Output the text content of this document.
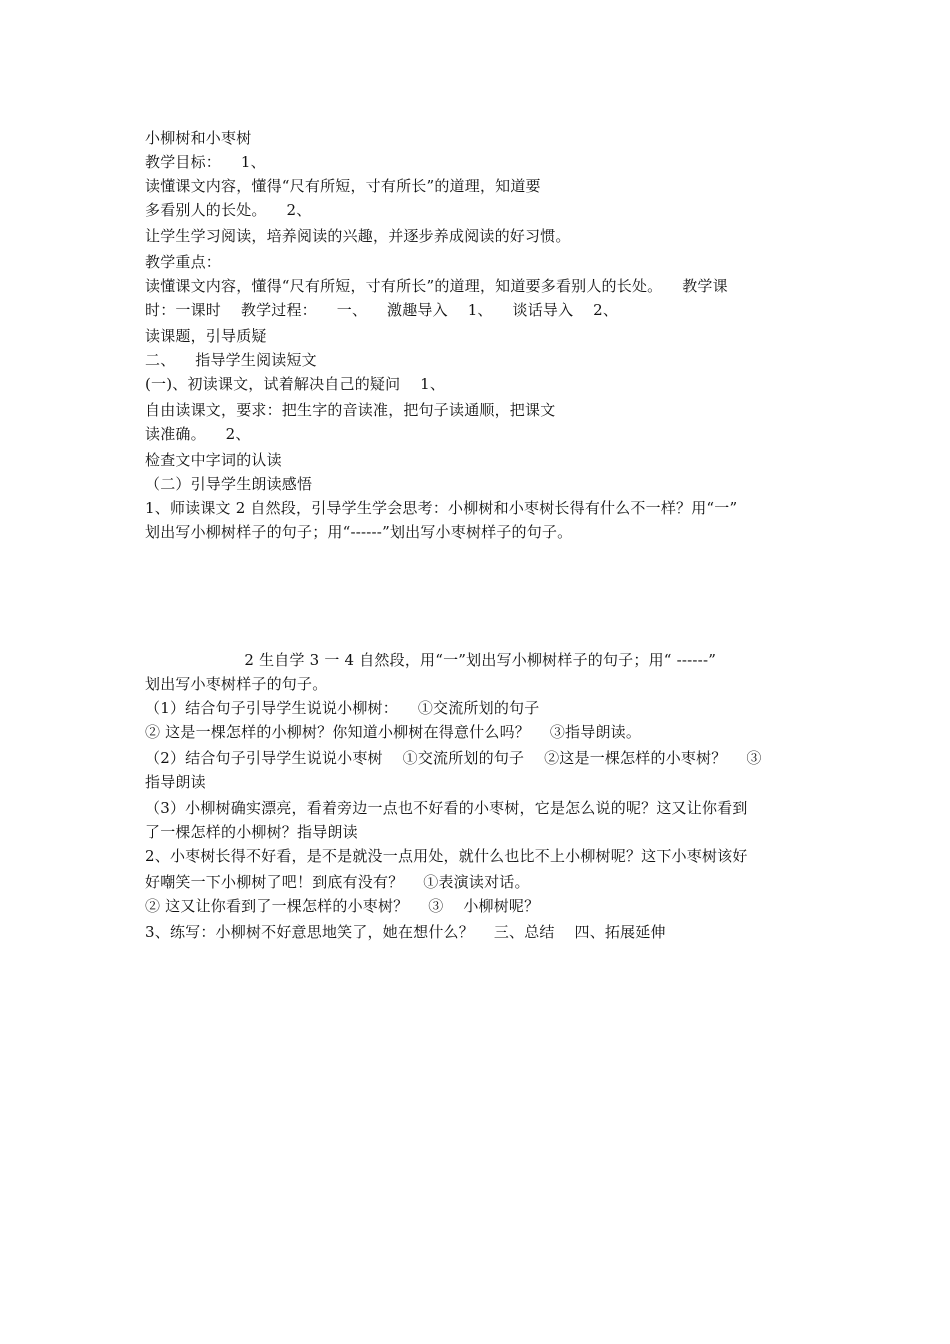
小柳树和小枣树
教学目标：    1、
读懂课文内容，懂得“尺有所短，寸有所长”的道理，知道要
多看别人的长处。    2、
让学生学习阅读，培养阅读的兴趣，并逐步养成阅读的好习惯。
教学重点：
读懂课文内容，懂得“尺有所短，寸有所长”的道理，知道要多看别人的长处。    教学课
时：一课时    教学过程：    一、    激趣导入    1、    谈话导入    2、
读课题，引导质疑
二、    指导学生阅读短文
(一)、初读课文，试着解决自己的疑问    1、
自由读课文，要求：把生字的音读准，把句子读通顺，把课文
读准确。    2、
检查文中字词的认读
（二）引导学生朗读感悟
1、师读课文 2 自然段，引导学生学会思考：小柳树和小枣树长得有什么不一样？用“一”
划出写小柳树样子的句子；用“------”划出写小枣树样子的句子。
2 生自学 3 一 4 自然段，用“一”划出写小柳树样子的句子；用“ ------”
划出写小枣树样子的句子。
（1）结合句子引导学生说说小柳树：    ①交流所划的句子
② 这是一棵怎样的小柳树？你知道小柳树在得意什么吗？    ③指导朗读。
（2）结合句子引导学生说说小枣树    ①交流所划的句子    ②这是一棵怎样的小枣树？    ③
指导朗读
（3）小柳树确实漂亮，看着旁边一点也不好看的小枣树，它是怎么说的呢？这又让你看到
了一棵怎样的小柳树？指导朗读
2、小枣树长得不好看，是不是就没一点用处，就什么也比不上小柳树呢？这下小枣树该好
好嘲笑一下小柳树了吧！到底有没有？    ①表演读对话。
② 这又让你看到了一棵怎样的小枣树？    ③    小柳树呢？
3、练写：小柳树不好意思地笑了，她在想什么？    三、总结    四、拓展延伸
